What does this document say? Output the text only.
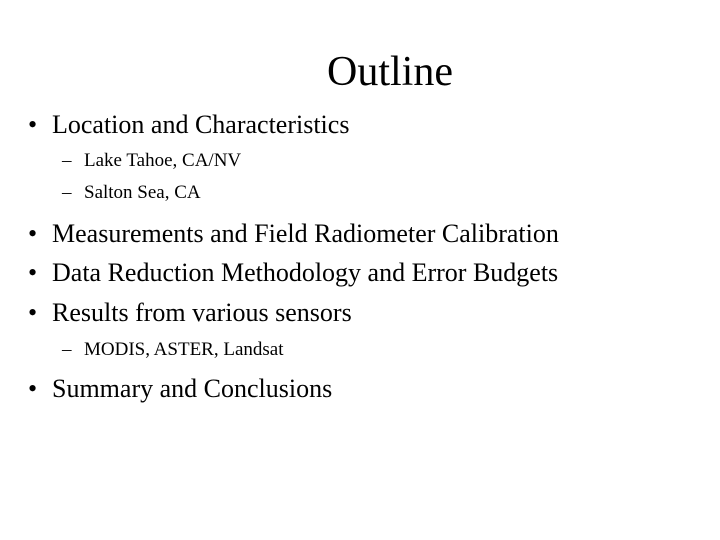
Outline
• Location and Characteristics
– Lake Tahoe, CA/NV
– Salton Sea, CA
• Measurements and Field Radiometer Calibration
• Data Reduction Methodology and Error Budgets
• Results from various sensors
– MODIS, ASTER, Landsat
• Summary and Conclusions
